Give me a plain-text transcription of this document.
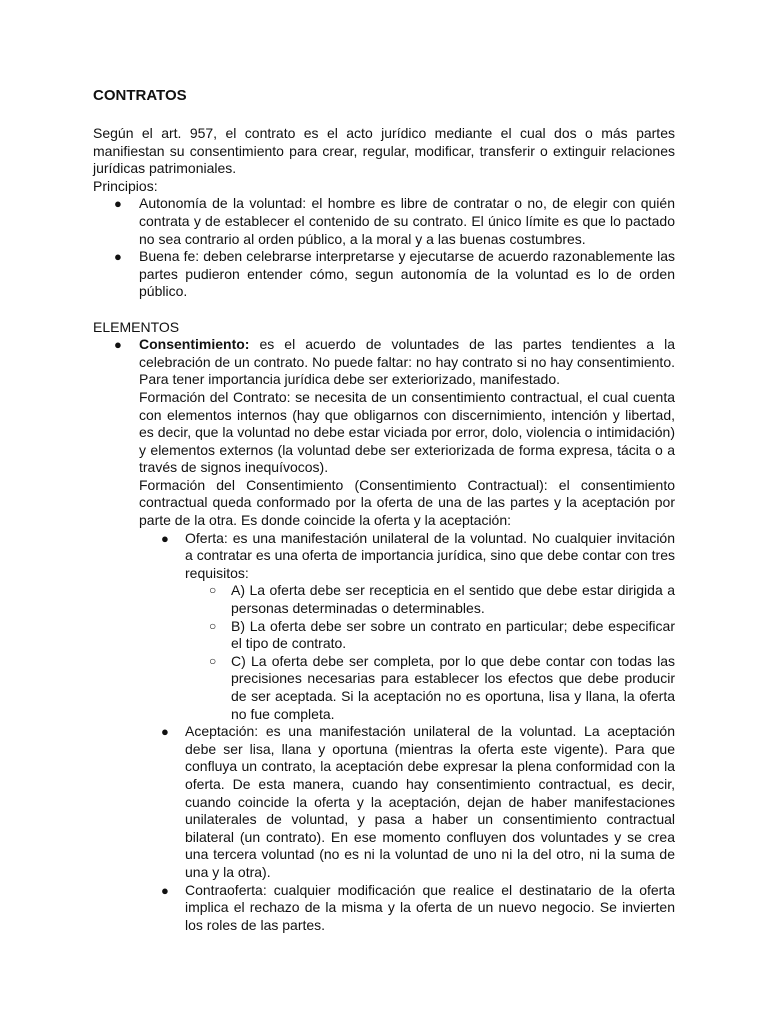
CONTRATOS

Según el art. 957, el contrato es el acto jurídico mediante el cual dos o más partes manifiestan su consentimiento para crear, regular, modificar, transferir o extinguir relaciones jurídicas patrimoniales.

Principios:

● Autonomía de la voluntad: el hombre es libre de contratar o no, de elegir con quién contrata y de establecer el contenido de su contrato. El único límite es que lo pactado no sea contrario al orden público, a la moral y a las buenas costumbres.
● Buena fe: deben celebrarse interpretarse y ejecutarse de acuerdo razonablemente las partes pudieron entender cómo, segun autonomía de la voluntad es lo de orden público.

ELEMENTOS

● Consentimiento: es el acuerdo de voluntades de las partes tendientes a la celebración de un contrato. No puede faltar: no hay contrato si no hay consentimiento. Para tener importancia jurídica debe ser exteriorizado, manifestado.

Formación del Contrato: se necesita de un consentimiento contractual, el cual cuenta con elementos internos (hay que obligarnos con discernimiento, intención y libertad, es decir, que la voluntad no debe estar viciada por error, dolo, violencia o intimidación) y elementos externos (la voluntad debe ser exteriorizada de forma expresa, tácita o a través de signos inequívocos).

Formación del Consentimiento (Consentimiento Contractual): el consentimiento contractual queda conformado por la oferta de una de las partes y la aceptación por parte de la otra. Es donde coincide la oferta y la aceptación:

● Oferta: es una manifestación unilateral de la voluntad. No cualquier invitación a contratar es una oferta de importancia jurídica, sino que debe contar con tres requisitos:
○ A) La oferta debe ser recepticia en el sentido que debe estar dirigida a personas determinadas o determinables.
○ B) La oferta debe ser sobre un contrato en particular; debe especificar el tipo de contrato.
○ C) La oferta debe ser completa, por lo que debe contar con todas las precisiones necesarias para establecer los efectos que debe producir de ser aceptada. Si la aceptación no es oportuna, lisa y llana, la oferta no fue completa.
● Aceptación: es una manifestación unilateral de la voluntad. La aceptación debe ser lisa, llana y oportuna (mientras la oferta este vigente). Para que confluya un contrato, la aceptación debe expresar la plena conformidad con la oferta. De esta manera, cuando hay consentimiento contractual, es decir, cuando coincide la oferta y la aceptación, dejan de haber manifestaciones unilaterales de voluntad, y pasa a haber un consentimiento contractual bilateral (un contrato). En ese momento confluyen dos voluntades y se crea una tercera voluntad (no es ni la voluntad de uno ni la del otro, ni la suma de una y la otra).
● Contraoferta: cualquier modificación que realice el destinatario de la oferta implica el rechazo de la misma y la oferta de un nuevo negocio. Se invierten los roles de las partes.
